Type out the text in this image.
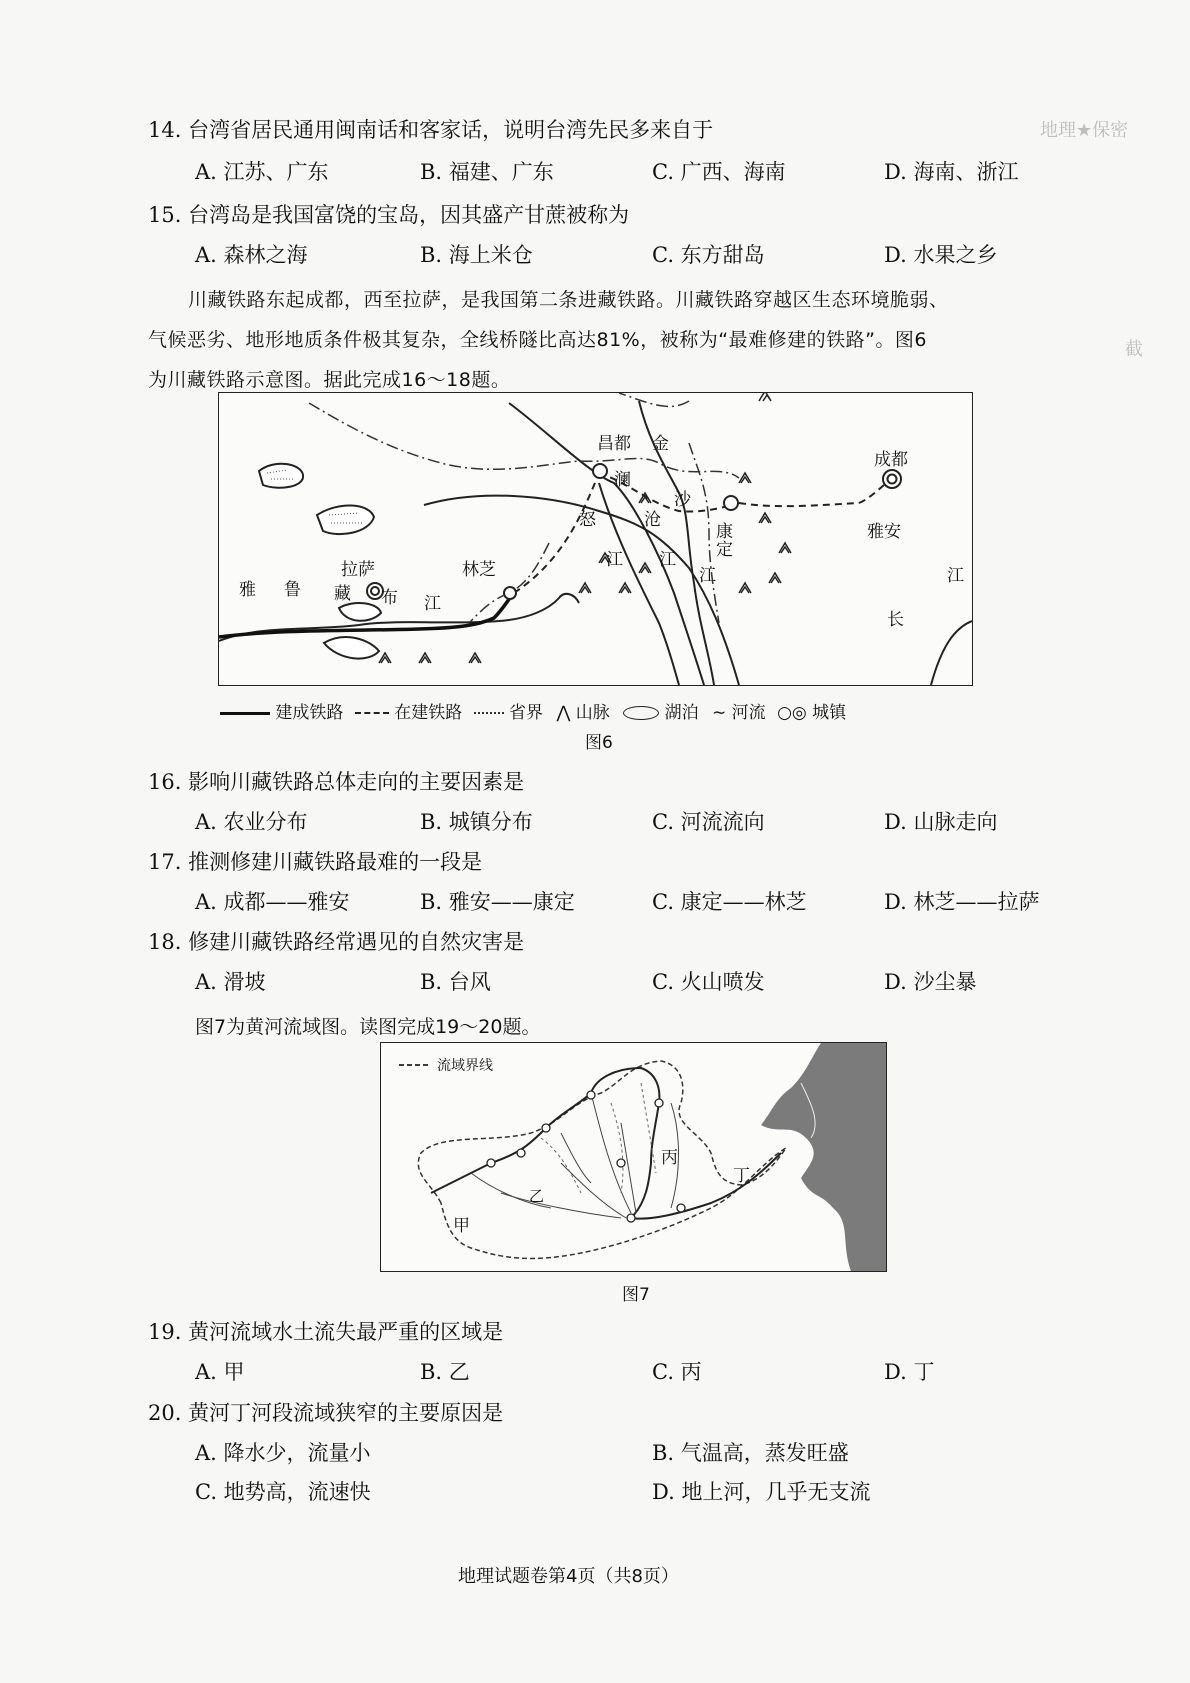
地理★保密
截
14. 台湾省居民通用闽南话和客家话，说明台湾先民多来自于
A. 江苏、广东	B. 福建、广东	C. 广西、海南	D. 海南、浙江
15. 台湾岛是我国富饶的宝岛，因其盛产甘蔗被称为
A. 森林之海	B. 海上米仓	C. 东方甜岛	D. 水果之乡
川藏铁路东起成都，西至拉萨，是我国第二条进藏铁路。川藏铁路穿越区生态环境脆弱、
气候恶劣、地形地质条件极其复杂，全线桥隧比高达81%，被称为“最难修建的铁路”。图6
为川藏铁路示意图。据此完成16～18题。
昌都 金
澜
成都
沙
怒	沧
康
定
雅安
江 江
江
拉萨	林芝
雅 鲁 藏 布 江
江
长
建成铁路	在建铁路	省界 ⋀ 山脉	湖泊 ∼ 河流 ○◎ 城镇
图6
16. 影响川藏铁路总体走向的主要因素是
A. 农业分布	B. 城镇分布	C. 河流流向	D. 山脉走向
17. 推测修建川藏铁路最难的一段是
A. 成都——雅安	B. 雅安——康定	C. 康定——林芝	D. 林芝——拉萨
18. 修建川藏铁路经常遇见的自然灾害是
A. 滑坡	B. 台风	C. 火山喷发	D. 沙尘暴
图7为黄河流域图。读图完成19～20题。
流域界线
甲
乙
丙
丁
图7
19. 黄河流域水土流失最严重的区域是
A. 甲	B. 乙	C. 丙	D. 丁
20. 黄河丁河段流域狭窄的主要原因是
A. 降水少，流量小	B. 气温高，蒸发旺盛
C. 地势高，流速快	D. 地上河，几乎无支流
地理试题卷第4页（共8页）
